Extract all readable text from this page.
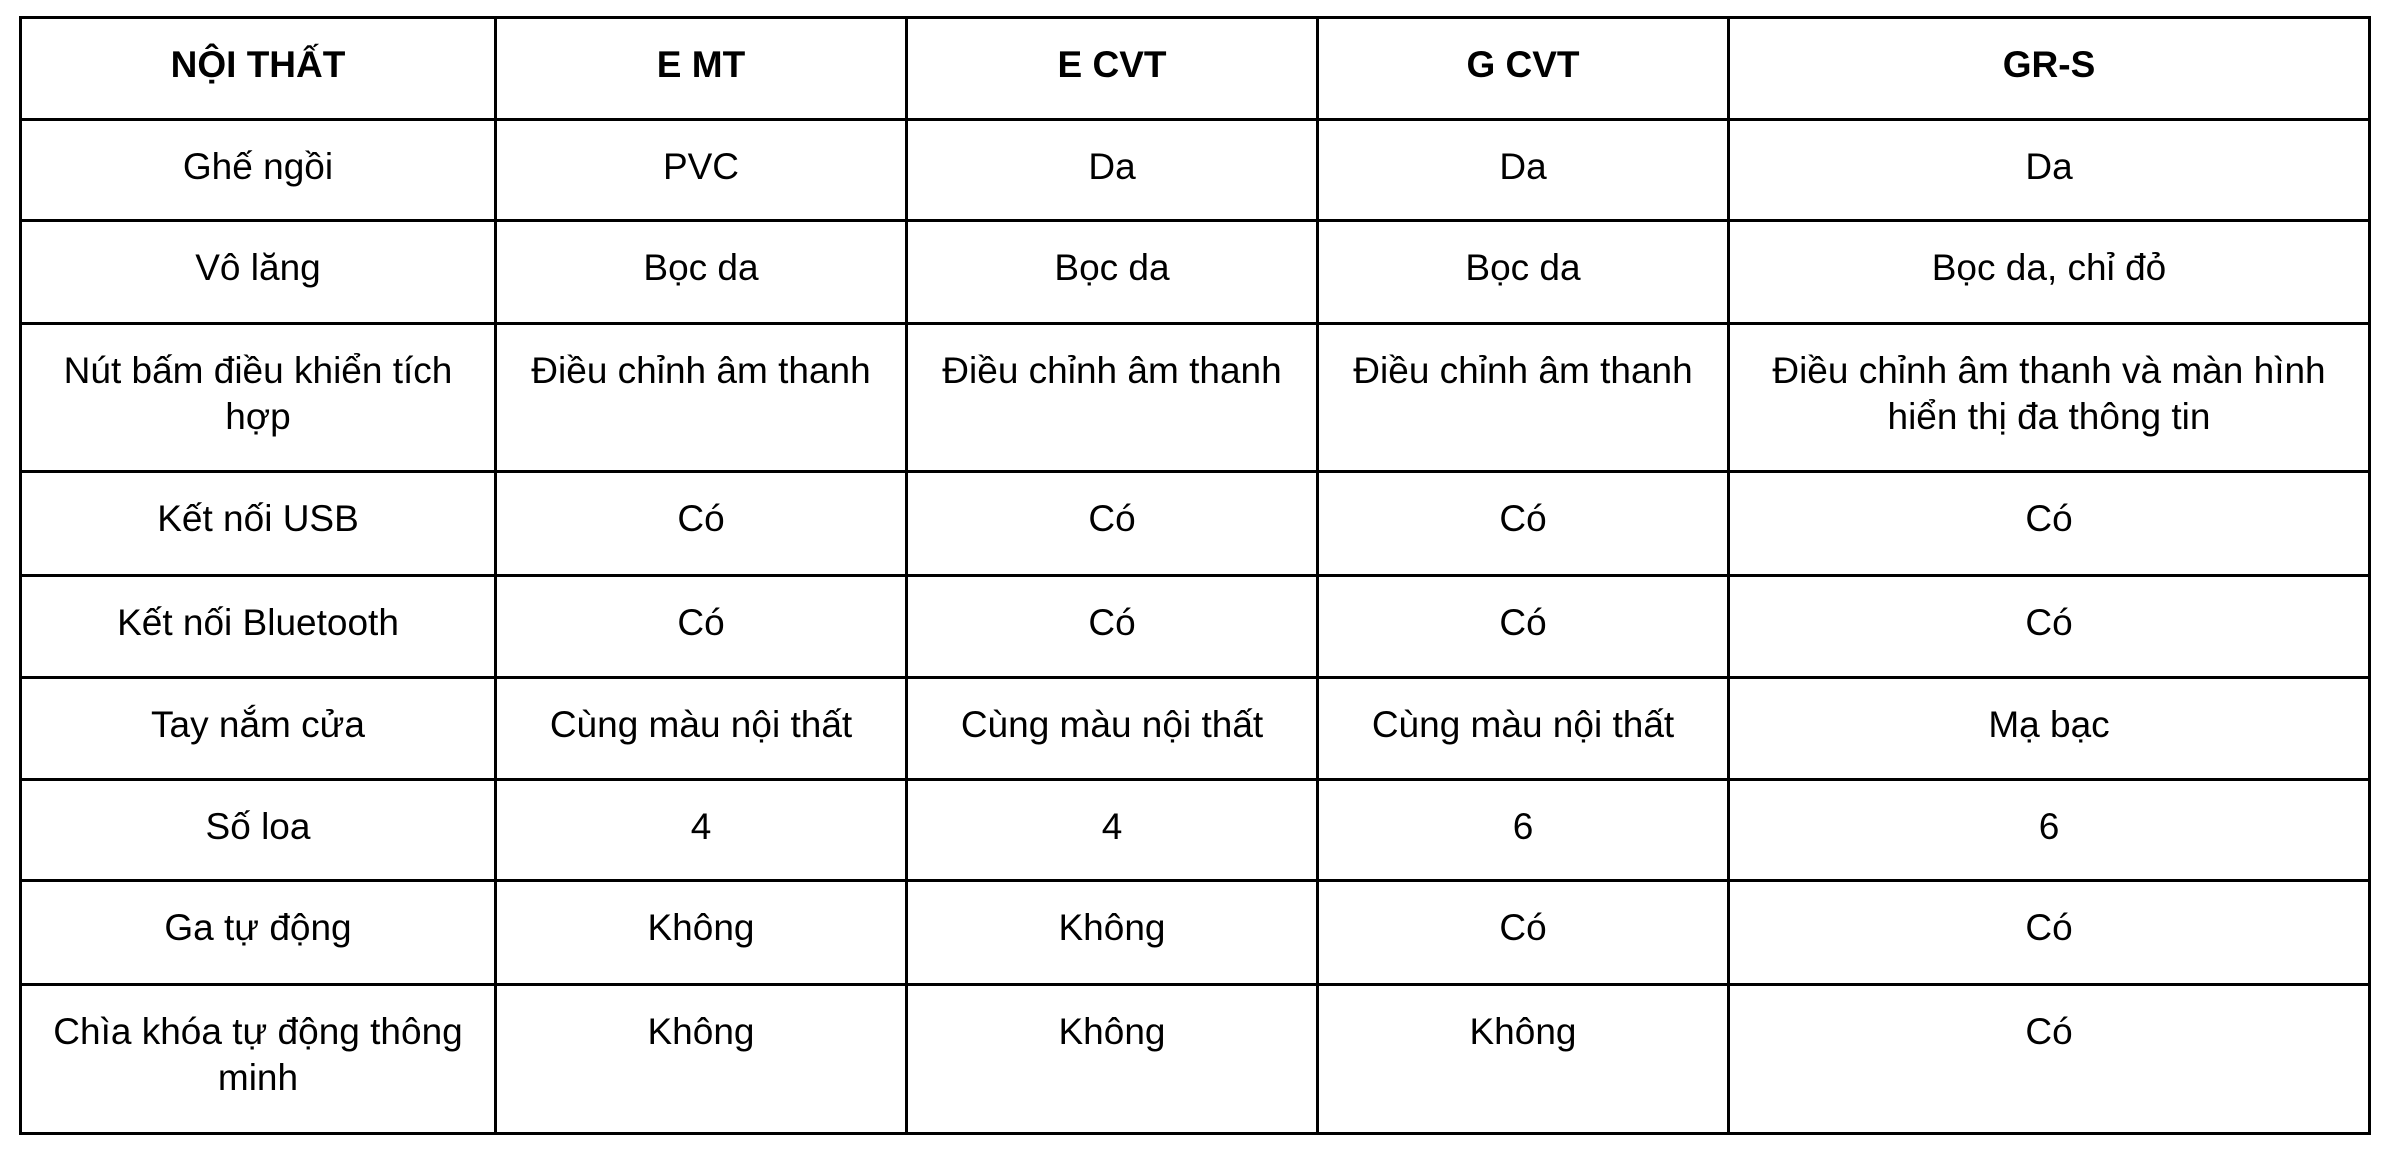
NỘI THẤT	E MT	E CVT	G CVT	GR-S
Ghế ngồi	PVC	Da	Da	Da
Vô lăng	Bọc da	Bọc da	Bọc da	Bọc da, chỉ đỏ
Nút bấm điều khiển tích hợp	Điều chỉnh âm thanh	Điều chỉnh âm thanh	Điều chỉnh âm thanh	Điều chỉnh âm thanh và màn hình hiển thị đa thông tin
Kết nối USB	Có	Có	Có	Có
Kết nối Bluetooth	Có	Có	Có	Có
Tay nắm cửa	Cùng màu nội thất	Cùng màu nội thất	Cùng màu nội thất	Mạ bạc
Số loa	4	4	6	6
Ga tự động	Không	Không	Có	Có
Chìa khóa tự động thông minh	Không	Không	Không	Có
